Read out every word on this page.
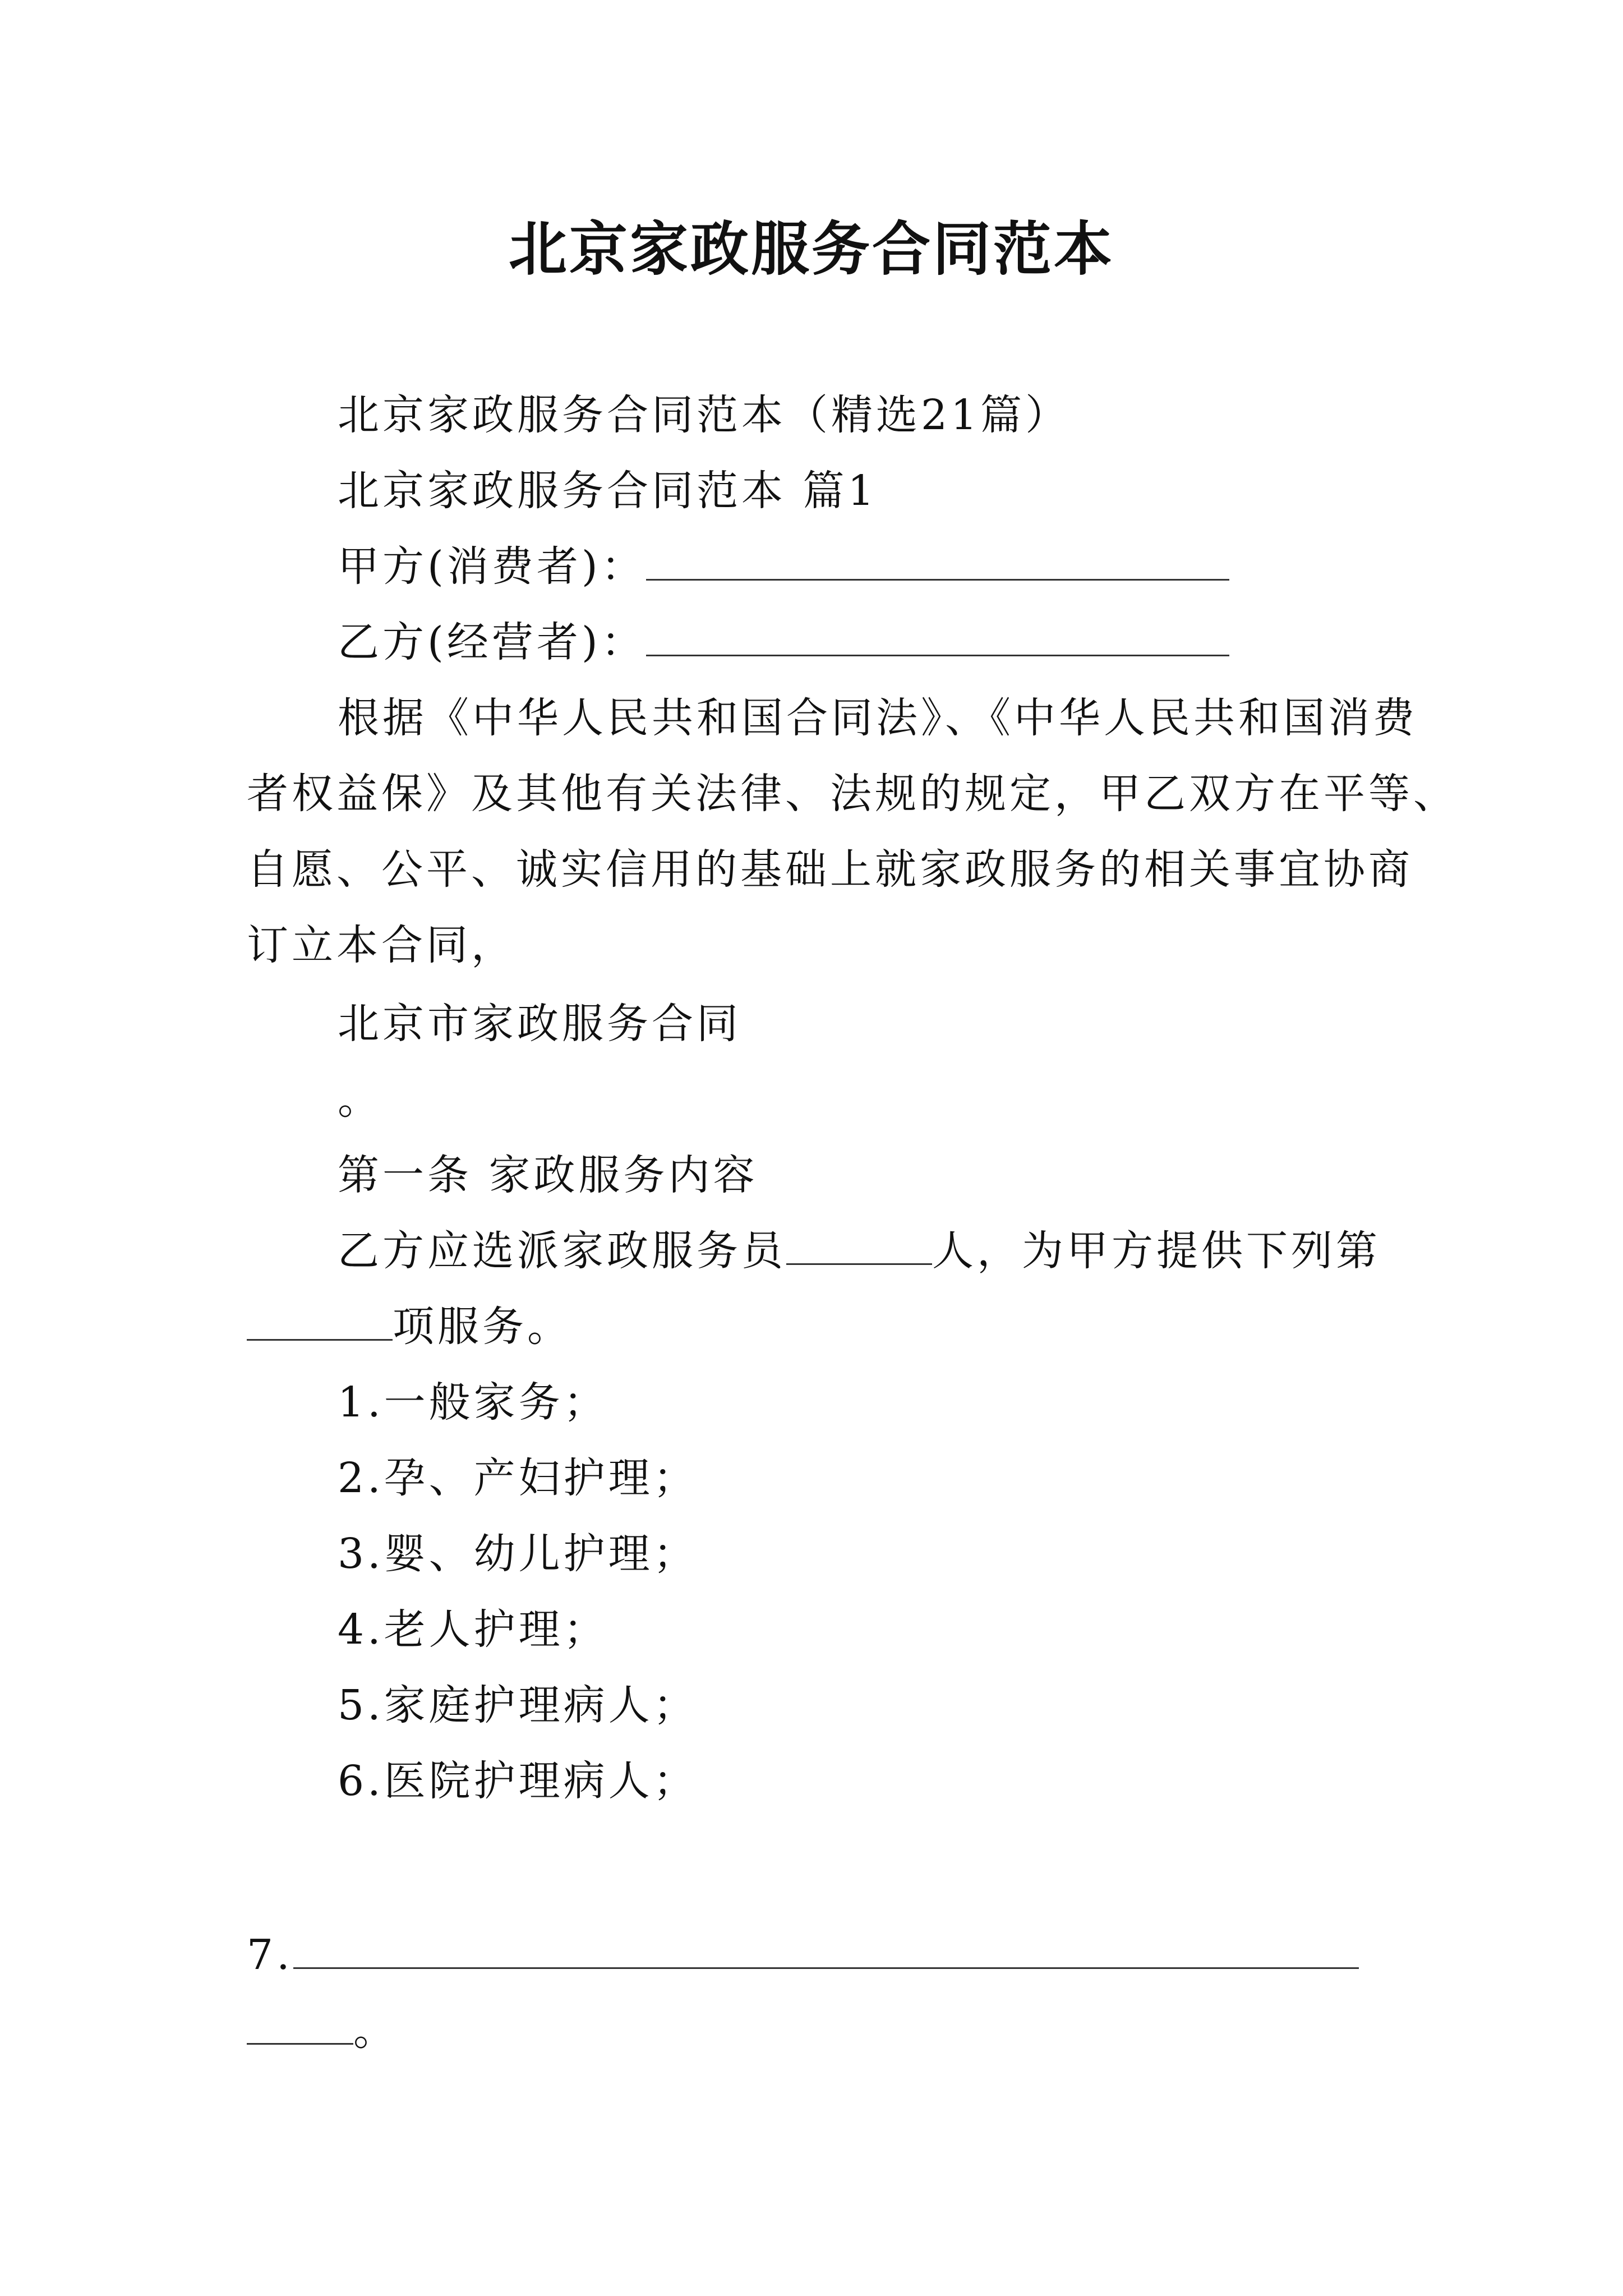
北京家政服务合同范本
北京家政服务合同范本（精选21篇）
北京家政服务合同范本 篇1
甲方(消费者)：
乙方(经营者)：
根据《中华人民共和国合同法》、《中华人民共和国消费
者权益保》及其他有关法律、法规的规定，甲乙双方在平等、
自愿、公平、诚实信用的基础上就家政服务的相关事宜协商
订立本合同，
北京市家政服务合同
。
第一条 家政服务内容
乙方应选派家政服务员	人，为甲方提供下列第
项服务。
1.一般家务；
2.孕、产妇护理；
3.婴、幼儿护理；
4.老人护理；
5.家庭护理病人；
6.医院护理病人；
7.
。
